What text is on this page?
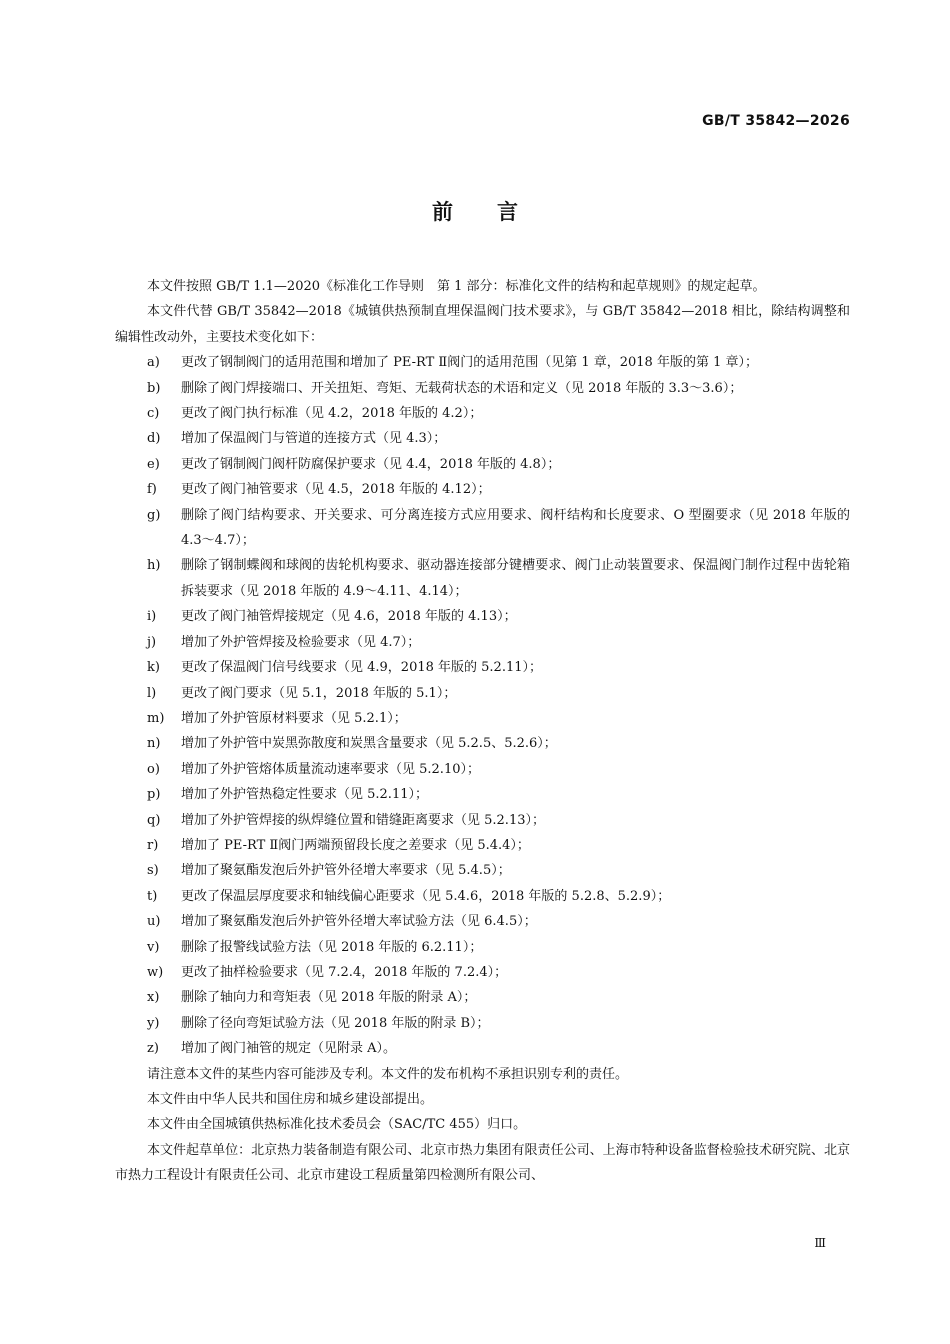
GB/T 35842—2026
前言

本文件按照 GB/T 1.1—2020《标准化工作导则　第 1 部分：标准化文件的结构和起草规则》的规定起草。

本文件代替 GB/T 35842—2018《城镇供热预制直埋保温阀门技术要求》，与 GB/T 35842—2018 相比，除结构调整和编辑性改动外，主要技术变化如下：

a)	更改了钢制阀门的适用范围和增加了 PE-RT Ⅱ阀门的适用范围（见第 1 章，2018 年版的第 1 章）；
b)	删除了阀门焊接端口、开关扭矩、弯矩、无载荷状态的术语和定义（见 2018 年版的 3.3～3.6）；
c)	更改了阀门执行标准（见 4.2，2018 年版的 4.2）；
d)	增加了保温阀门与管道的连接方式（见 4.3）；
e)	更改了钢制阀门阀杆防腐保护要求（见 4.4，2018 年版的 4.8）；
f)	更改了阀门袖管要求（见 4.5，2018 年版的 4.12）；
g)	删除了阀门结构要求、开关要求、可分离连接方式应用要求、阀杆结构和长度要求、O 型圈要求（见 2018 年版的 4.3～4.7）；
h)	删除了钢制蝶阀和球阀的齿轮机构要求、驱动器连接部分键槽要求、阀门止动装置要求、保温阀门制作过程中齿轮箱拆装要求（见 2018 年版的 4.9～4.11、4.14）；
i)	更改了阀门袖管焊接规定（见 4.6，2018 年版的 4.13）；
j)	增加了外护管焊接及检验要求（见 4.7）；
k)	更改了保温阀门信号线要求（见 4.9，2018 年版的 5.2.11）；
l)	更改了阀门要求（见 5.1，2018 年版的 5.1）；
m)	增加了外护管原材料要求（见 5.2.1）；
n)	增加了外护管中炭黑弥散度和炭黑含量要求（见 5.2.5、5.2.6）；
o)	增加了外护管熔体质量流动速率要求（见 5.2.10）；
p)	增加了外护管热稳定性要求（见 5.2.11）；
q)	增加了外护管焊接的纵焊缝位置和错缝距离要求（见 5.2.13）；
r)	增加了 PE-RT Ⅱ阀门两端预留段长度之差要求（见 5.4.4）；
s)	增加了聚氨酯发泡后外护管外径增大率要求（见 5.4.5）；
t)	更改了保温层厚度要求和轴线偏心距要求（见 5.4.6，2018 年版的 5.2.8、5.2.9）；
u)	增加了聚氨酯发泡后外护管外径增大率试验方法（见 6.4.5）；
v)	删除了报警线试验方法（见 2018 年版的 6.2.11）；
w)	更改了抽样检验要求（见 7.2.4，2018 年版的 7.2.4）；
x)	删除了轴向力和弯矩表（见 2018 年版的附录 A）；
y)	删除了径向弯矩试验方法（见 2018 年版的附录 B）；
z)	增加了阀门袖管的规定（见附录 A）。

请注意本文件的某些内容可能涉及专利。本文件的发布机构不承担识别专利的责任。

本文件由中华人民共和国住房和城乡建设部提出。

本文件由全国城镇供热标准化技术委员会（SAC/TC 455）归口。

本文件起草单位：北京热力装备制造有限公司、北京市热力集团有限责任公司、上海市特种设备监督检验技术研究院、北京市热力工程设计有限责任公司、北京市建设工程质量第四检测所有限公司、

Ⅲ
